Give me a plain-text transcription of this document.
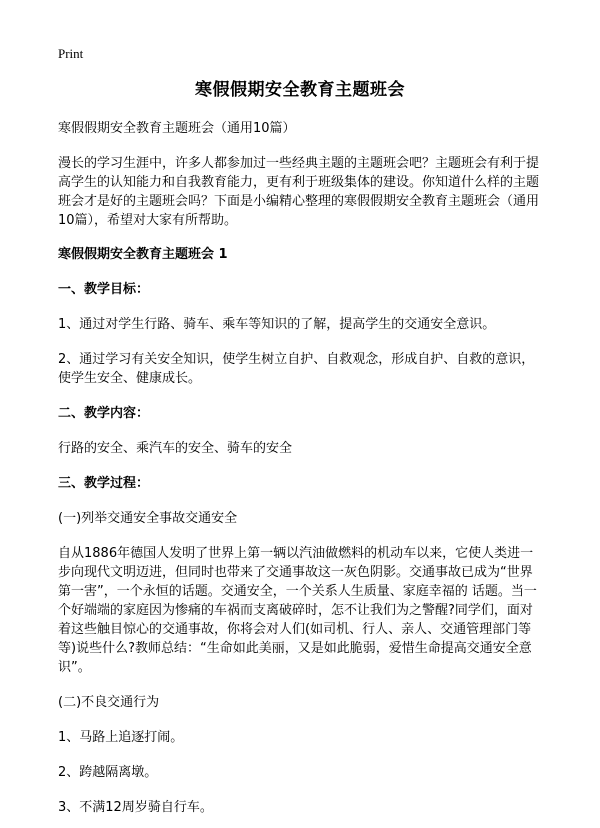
Print

寒假假期安全教育主题班会

寒假假期安全教育主题班会（通用10篇）

漫长的学习生涯中，许多人都参加过一些经典主题的主题班会吧？主题班会有利于提高学生的认知能力和自我教育能力，更有利于班级集体的建设。你知道什么样的主题班会才是好的主题班会吗？下面是小编精心整理的寒假假期安全教育主题班会（通用10篇），希望对大家有所帮助。

寒假假期安全教育主题班会 1

一、教学目标：

1、通过对学生行路、骑车、乘车等知识的了解，提高学生的交通安全意识。

2、通过学习有关安全知识，使学生树立自护、自救观念，形成自护、自救的意识，使学生安全、健康成长。

二、教学内容：

行路的安全、乘汽车的安全、骑车的安全

三、教学过程：

(一)列举交通安全事故交通安全

自从1886年德国人发明了世界上第一辆以汽油做燃料的机动车以来，它使人类进一步向现代文明迈进，但同时也带来了交通事故这一灰色阴影。交通事故已成为“世界第一害”，一个永恒的话题。交通安全，一个关系人生质量、家庭幸福的 话题。当一个好端端的家庭因为惨痛的车祸而支离破碎时，怎不让我们为之警醒?同学们，面对着这些触目惊心的交通事故，你将会对人们(如司机、行人、亲人、交通管理部门等等)说些什么?教师总结：“生命如此美丽，又是如此脆弱，爱惜生命提高交通安全意识”。

(二)不良交通行为

1、马路上追逐打闹。

2、跨越隔离墩。

3、不满12周岁骑自行车。
